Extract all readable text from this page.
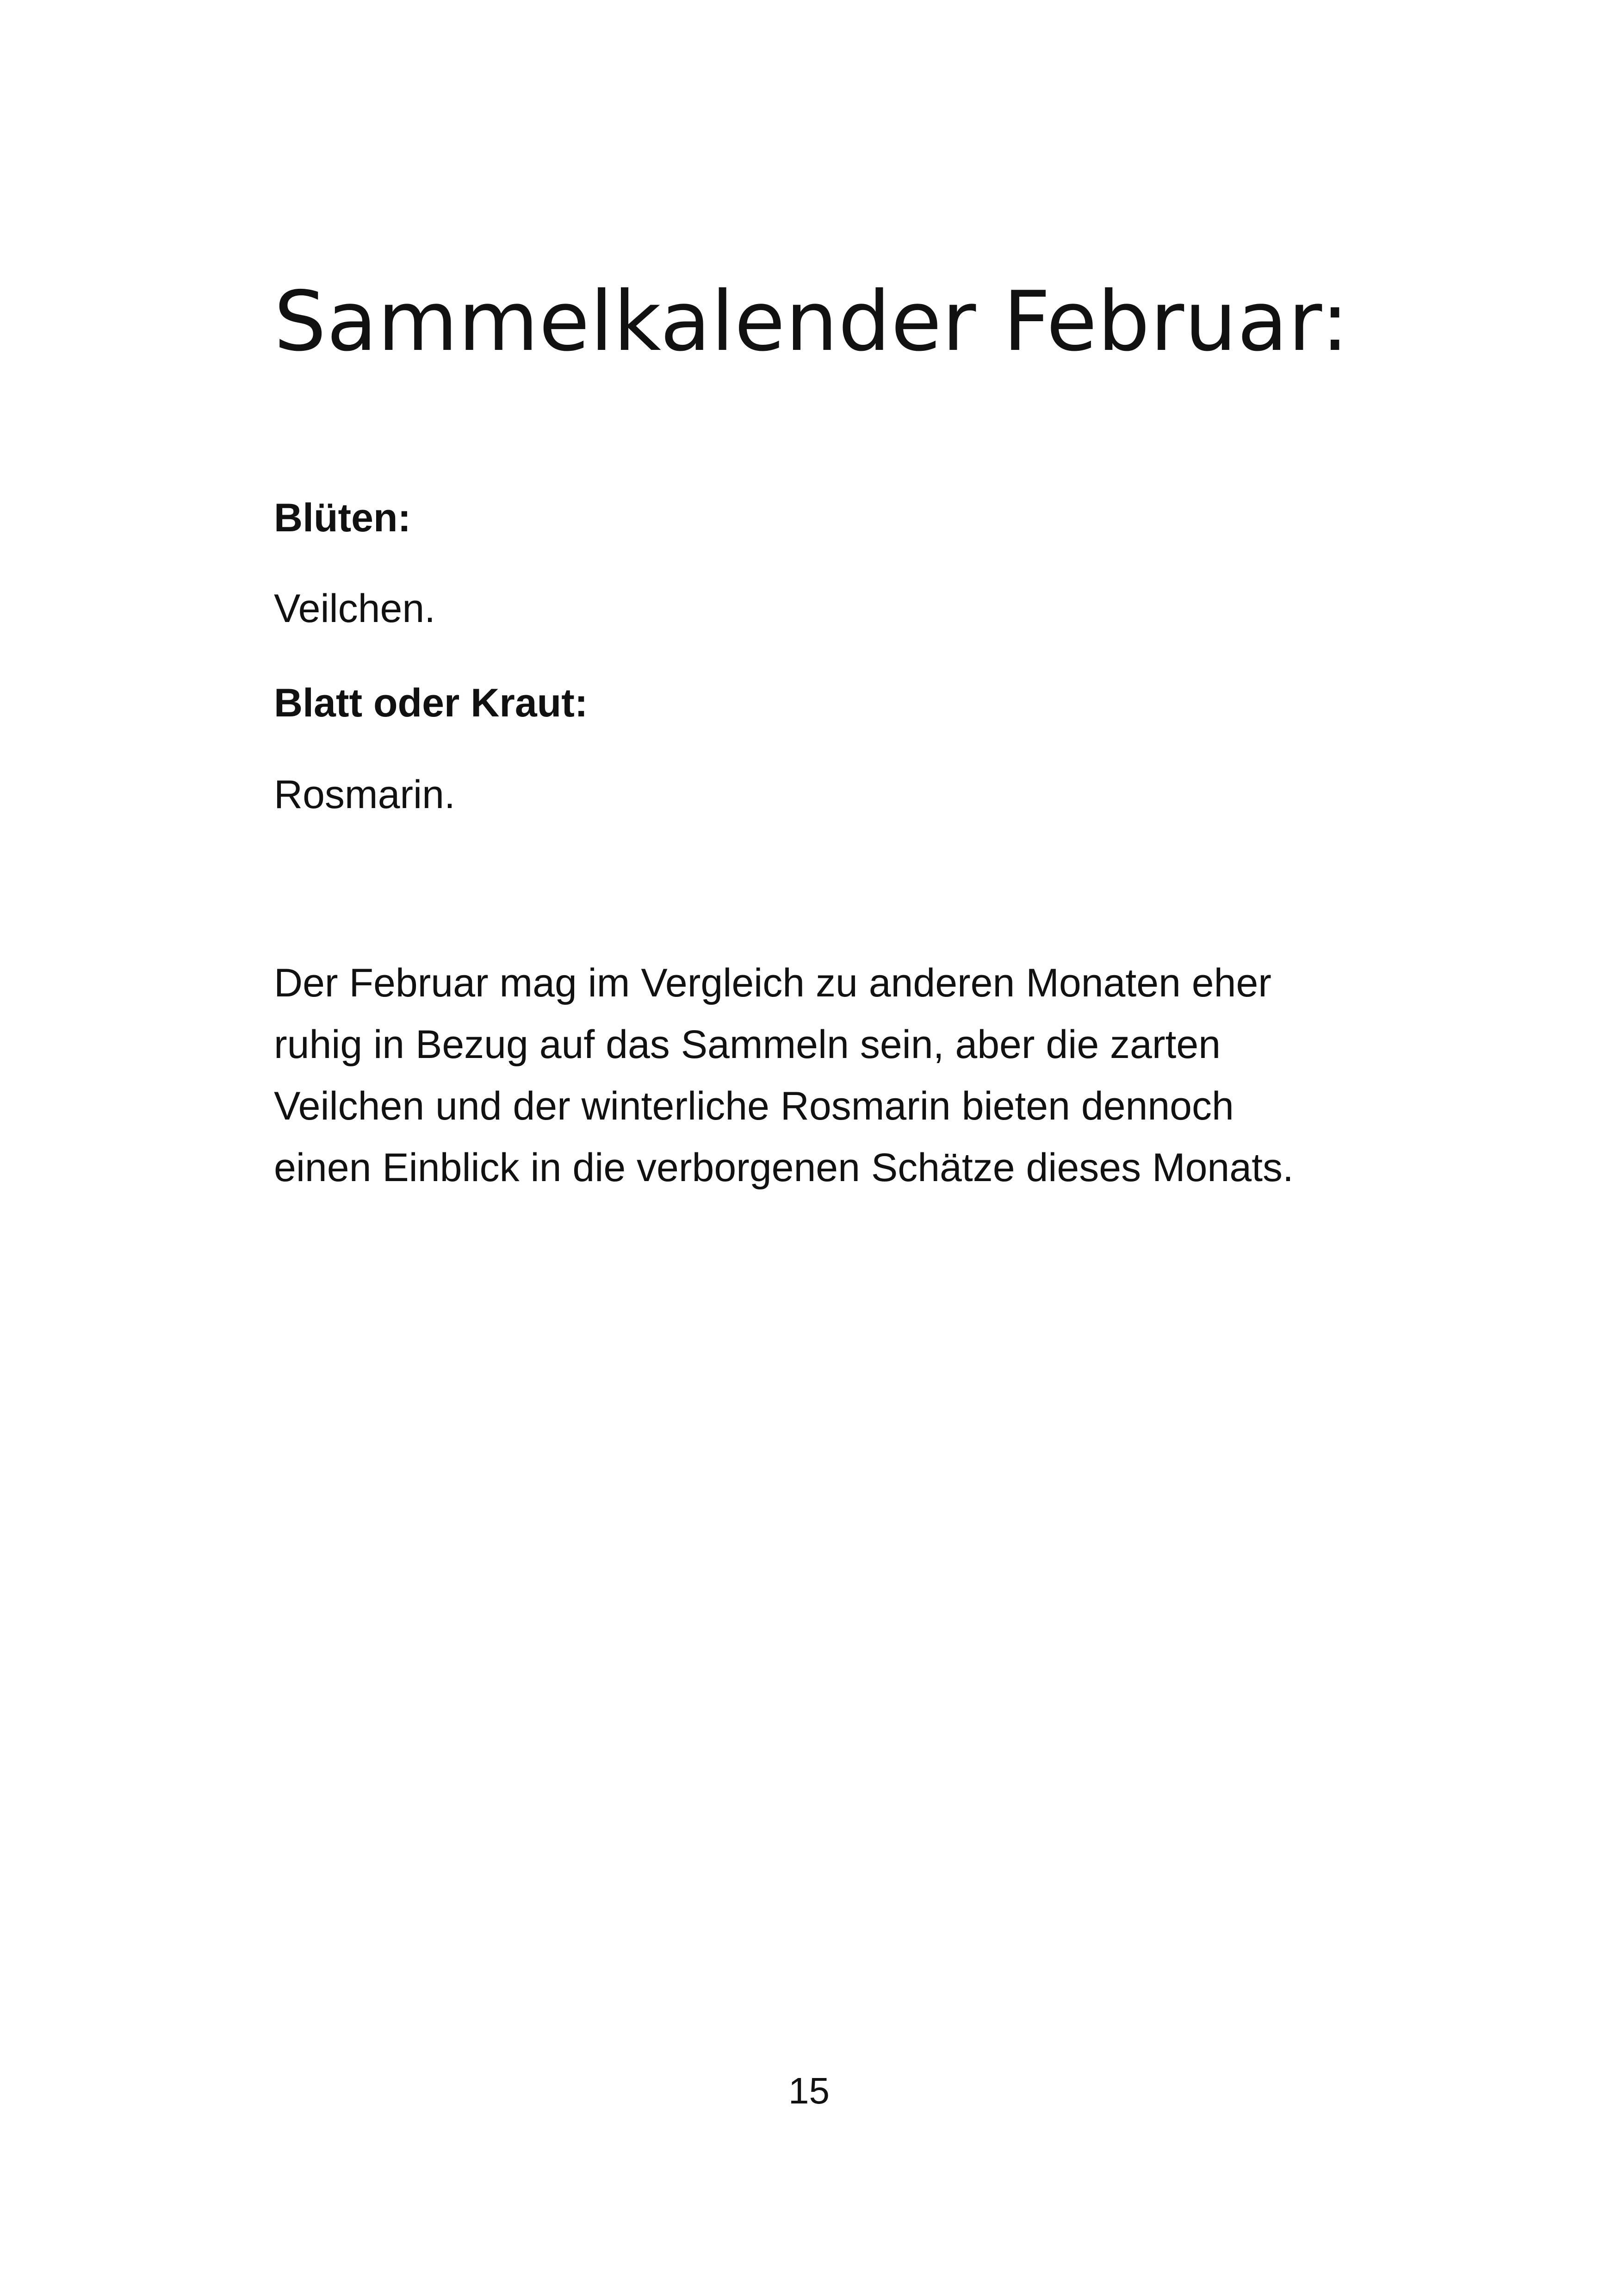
Sammelkalender Februar:
Blüten:
Veilchen.
Blatt oder Kraut:
Rosmarin.

Der Februar mag im Vergleich zu anderen Monaten eher
ruhig in Bezug auf das Sammeln sein, aber die zarten
Veilchen und der winterliche Rosmarin bieten dennoch
einen Einblick in die verborgenen Schätze dieses Monats.

15
